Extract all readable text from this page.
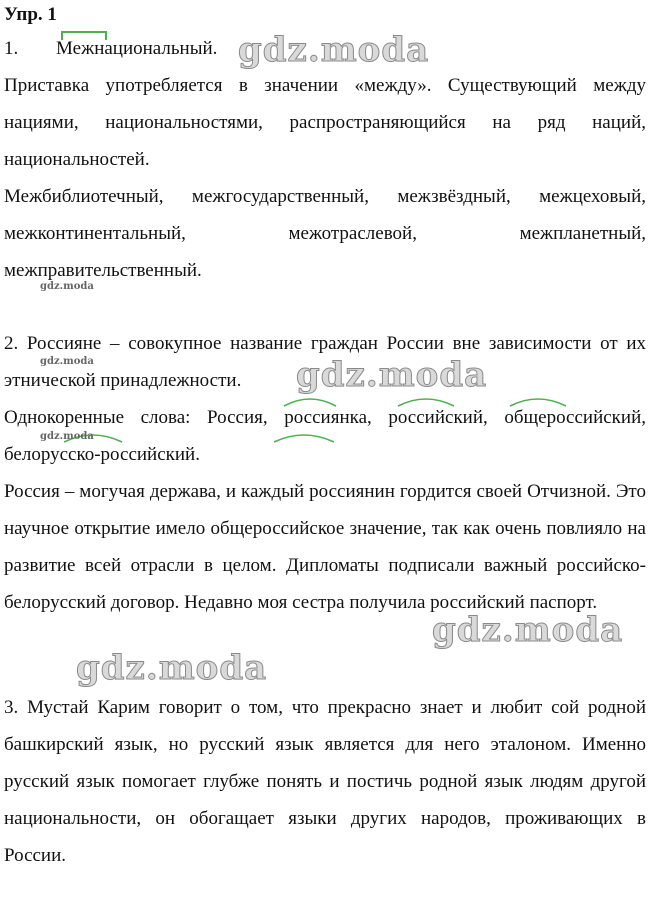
Упр. 1
1. Межнациональный.
Приставка употребляется в значении «между». Существующий между нациями, национальностями, распространяющийся на ряд наций, национальностей.
Межбиблиотечный, межгосударственный, межзвёздный, межцеховый, межконтинентальный, межотраслевой, межпланетный, межправительственный.
2. Россияне – совокупное название граждан России вне зависимости от их этнической принадлежности.
Однокоренные слова: Россия, россиянка, российский, общероссийский, белорусско-российский.
Россия – могучая держава, и каждый россиянин гордится своей Отчизной. Это научное открытие имело общероссийское значение, так как очень повлияло на развитие всей отрасли в целом. Дипломаты подписали важный российско-белорусский договор. Недавно моя сестра получила российский паспорт.
3. Мустай Карим говорит о том, что прекрасно знает и любит сой родной башкирский язык, но русский язык является для него эталоном. Именно русский язык помогает глубже понять и постичь родной язык людям другой национальности, он обогащает языки других народов, проживающих в России.
gdz.moda
gdz.moda
gdz.moda	gdz.moda
gdz.moda
gdz.moda
gdz.moda
